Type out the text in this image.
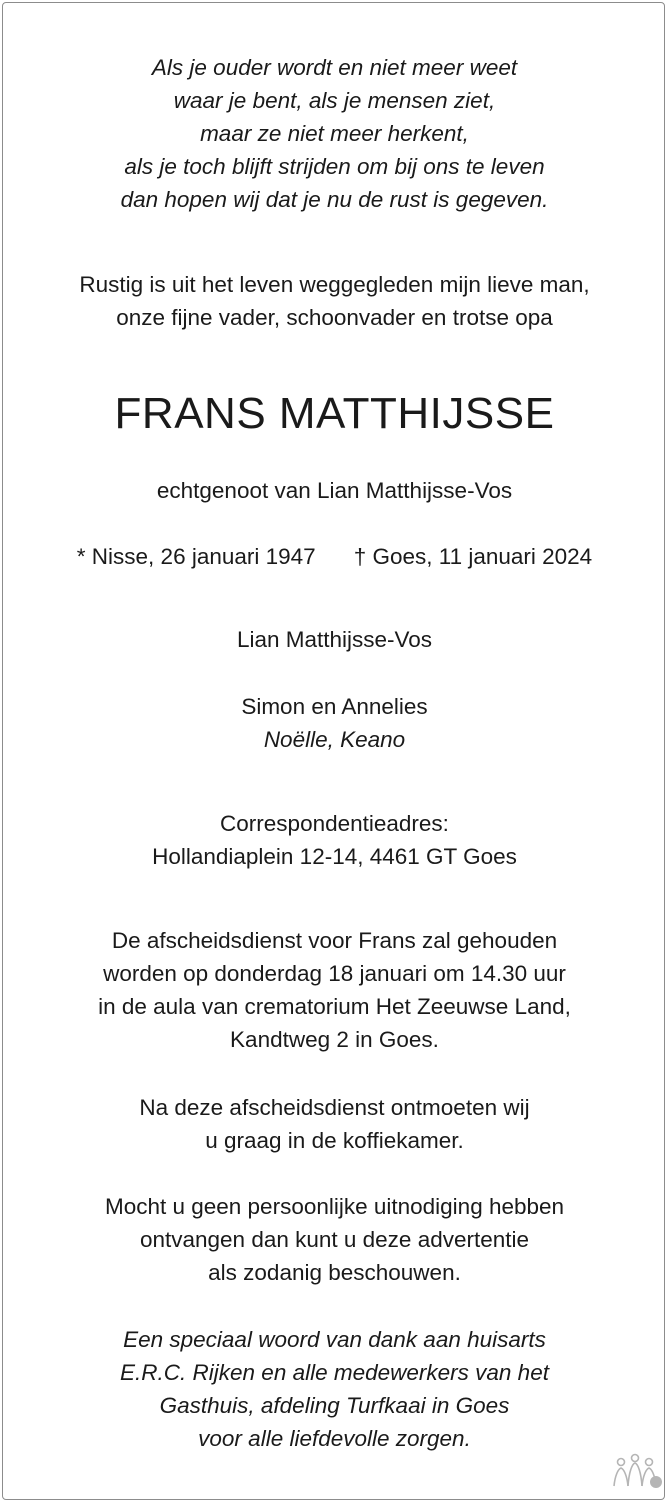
Als je ouder wordt en niet meer weet
waar je bent, als je mensen ziet,
maar ze niet meer herkent,
als je toch blijft strijden om bij ons te leven
dan hopen wij dat je nu de rust is gegeven.
Rustig is uit het leven weggegleden mijn lieve man,
onze fijne vader, schoonvader en trotse opa
FRANS MATTHIJSSE
echtgenoot van Lian Matthijsse-Vos
* Nisse, 26 januari 1947 † Goes, 11 januari 2024
Lian Matthijsse-Vos
Simon en Annelies
Noëlle, Keano
Correspondentieadres:
Hollandiaplein 12-14, 4461 GT Goes
De afscheidsdienst voor Frans zal gehouden
worden op donderdag 18 januari om 14.30 uur
in de aula van crematorium Het Zeeuwse Land,
Kandtweg 2 in Goes.
Na deze afscheidsdienst ontmoeten wij
u graag in de koffiekamer.
Mocht u geen persoonlijke uitnodiging hebben
ontvangen dan kunt u deze advertentie
als zodanig beschouwen.
Een speciaal woord van dank aan huisarts
E.R.C. Rijken en alle medewerkers van het
Gasthuis, afdeling Turfkaai in Goes
voor alle liefdevolle zorgen.
